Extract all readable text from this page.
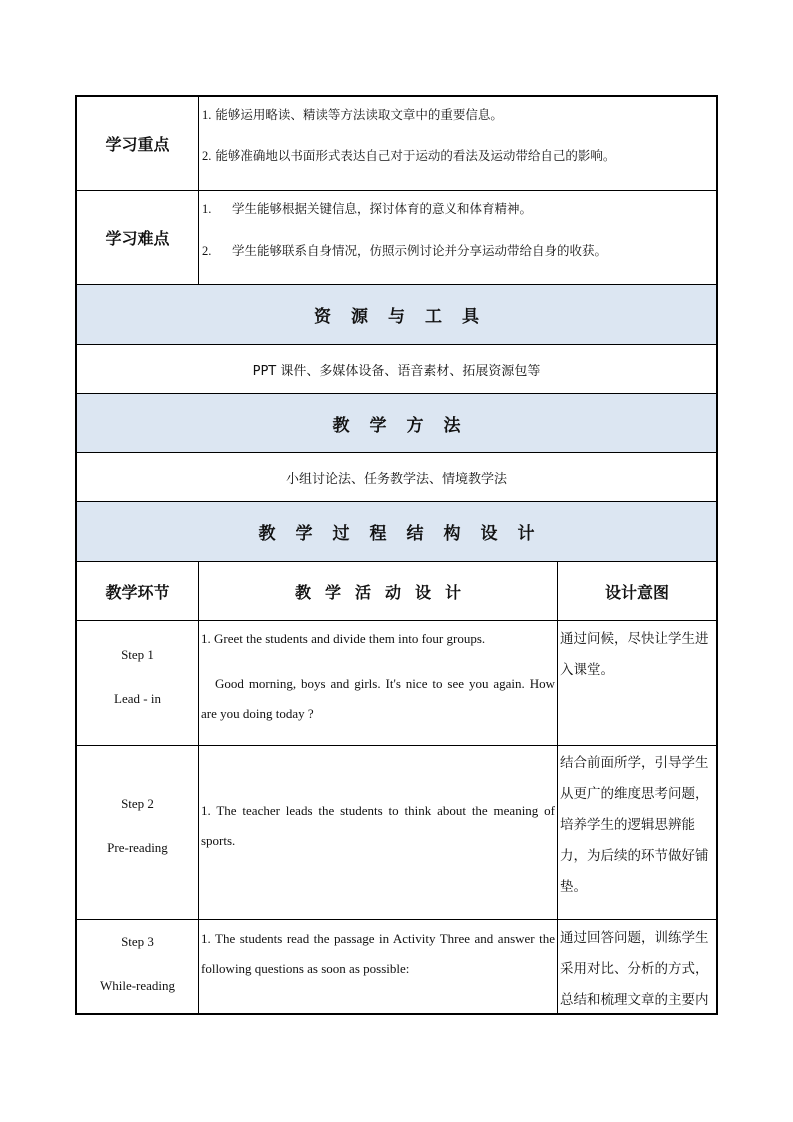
学习重点

1. 能够运用略读、精读等方法读取文章中的重要信息。

2. 能够准确地以书面形式表达自己对于运动的看法及运动带给自己的影响。

学习难点

1. 学生能够根据关键信息，探讨体育的意义和体育精神。

2. 学生能够联系自身情况，仿照示例讨论并分享运动带给自身的收获。

资源与工具
PPT 课件、多媒体设备、语音素材、拓展资源包等
教学方法
小组讨论法、任务教学法、情境教学法
教学过程结构设计
教学环节	教学活动设计	设计意图

Step 1

Lead - in

1. Greet the students and divide them into four groups.

Good morning, boys and girls. It's nice to see you again. How are you doing today ?

通过问候，尽快让学生进入课堂。

Step 2

Pre-reading

1. The teacher leads the students to think about the meaning of sports.

结合前面所学，引导学生从更广的维度思考问题，培养学生的逻辑思辨能力，为后续的环节做好铺垫。

Step 3

While-reading

1. The students read the passage in Activity Three and answer the following questions as soon as possible:

通过回答问题，训练学生采用对比、分析的方式，总结和梳理文章的主要内
